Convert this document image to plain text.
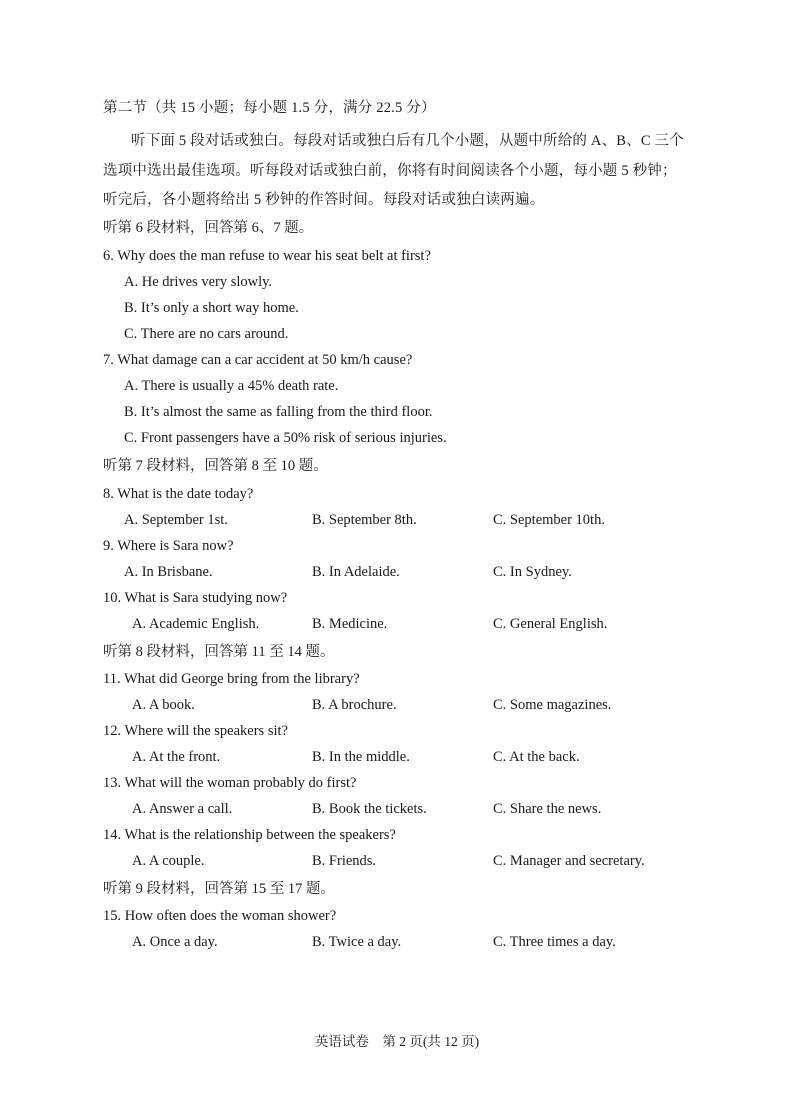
第二节（共 15 小题；每小题 1.5 分，满分 22.5 分）
听下面 5 段对话或独白。每段对话或独白后有几个小题，从题中所给的 A、B、C 三个
选项中选出最佳选项。听每段对话或独白前，你将有时间阅读各个小题，每小题 5 秒钟；
听完后，各小题将给出 5 秒钟的作答时间。每段对话或独白读两遍。
听第 6 段材料，回答第 6、7 题。
6. Why does the man refuse to wear his seat belt at first?
A. He drives very slowly.
B. It’s only a short way home.
C. There are no cars around.
7. What damage can a car accident at 50 km/h cause?
A. There is usually a 45% death rate.
B. It’s almost the same as falling from the third floor.
C. Front passengers have a 50% risk of serious injuries.
听第 7 段材料，回答第 8 至 10 题。
8. What is the date today?
A. September 1st.	B. September 8th.	C. September 10th.
9. Where is Sara now?
A. In Brisbane.	B. In Adelaide.	C. In Sydney.
10. What is Sara studying now?
A. Academic English.	B. Medicine.	C. General English.
听第 8 段材料，回答第 11 至 14 题。
11. What did George bring from the library?
A. A book.	B. A brochure.	C. Some magazines.
12. Where will the speakers sit?
A. At the front.	B. In the middle.	C. At the back.
13. What will the woman probably do first?
A. Answer a call.	B. Book the tickets.	C. Share the news.
14. What is the relationship between the speakers?
A. A couple.	B. Friends.	C. Manager and secretary.
听第 9 段材料，回答第 15 至 17 题。
15. How often does the woman shower?
A. Once a day.	B. Twice a day.	C. Three times a day.
英语试卷　第 2 页(共 12 页)
